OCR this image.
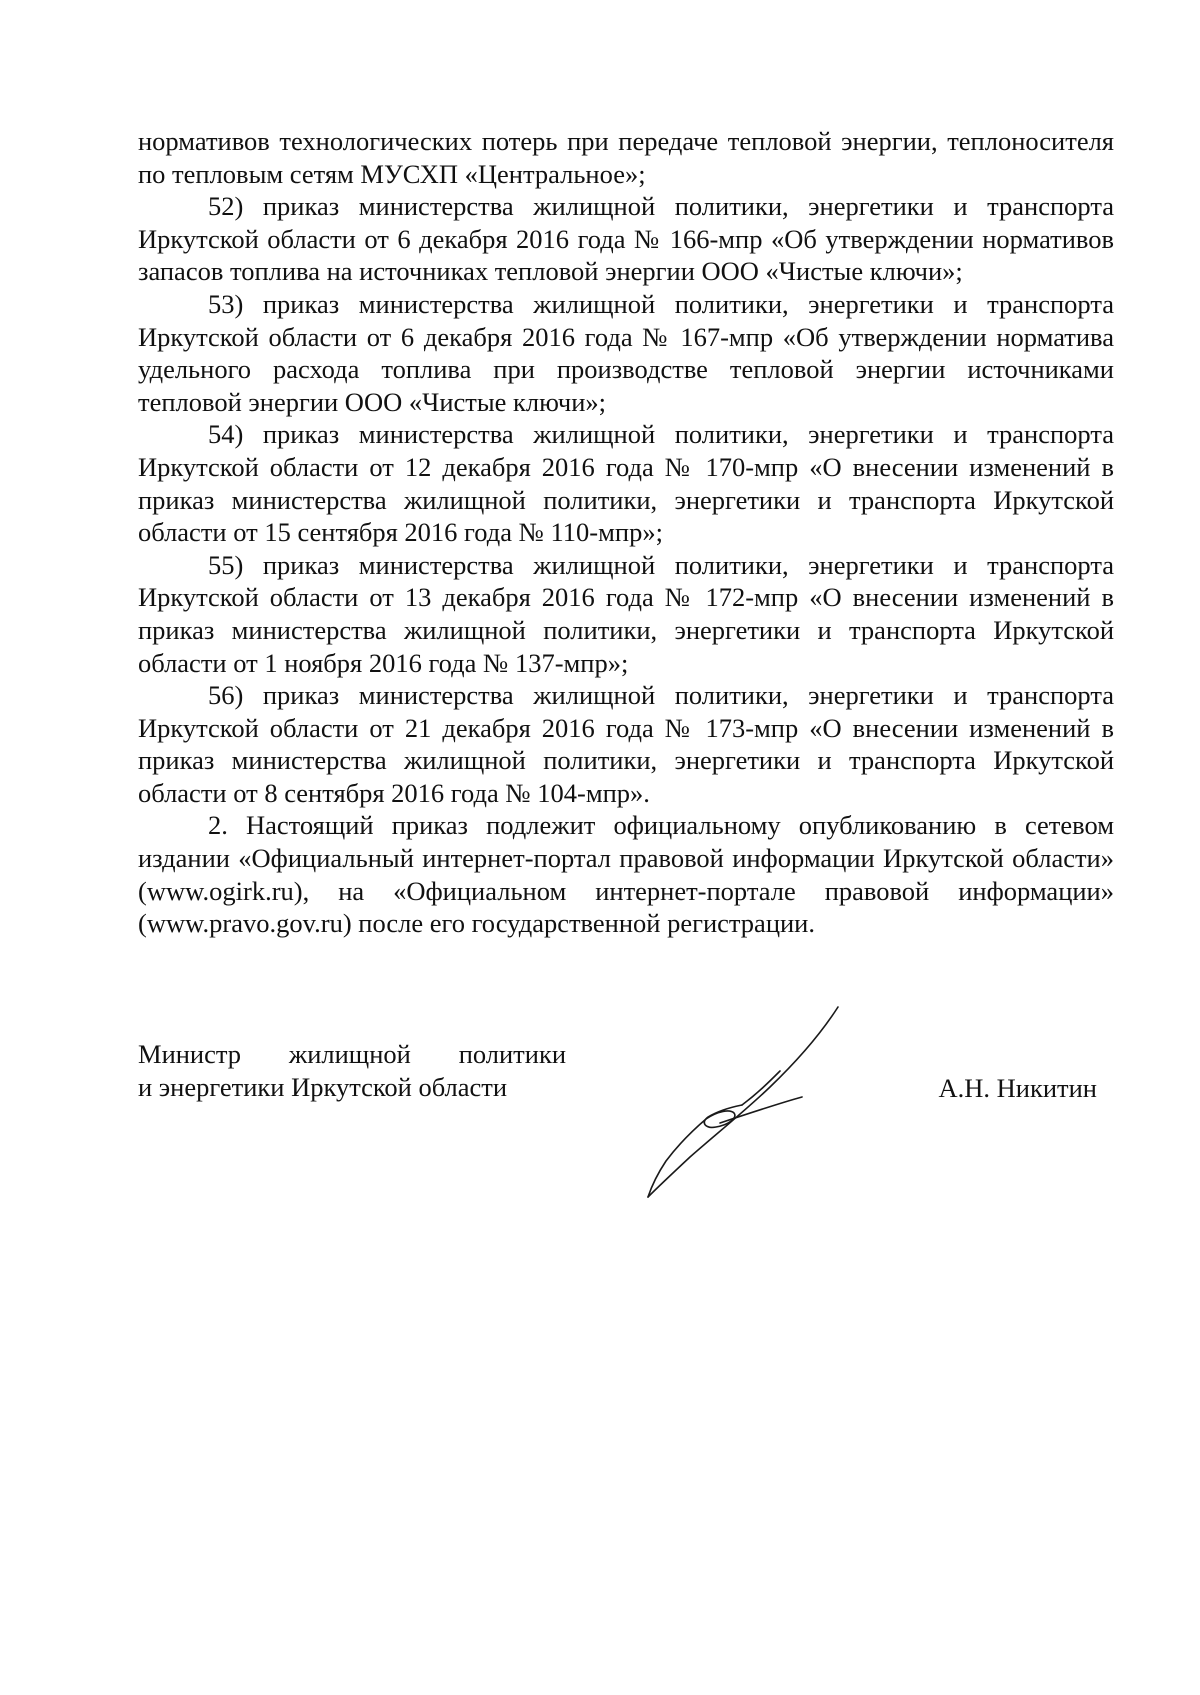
нормативов технологических потерь при передаче тепловой энергии, теплоносителя по тепловым сетям МУСХП «Центральное»;

52) приказ министерства жилищной политики, энергетики и транспорта Иркутской области от 6 декабря 2016 года № 166-мпр «Об утверждении нормативов запасов топлива на источниках тепловой энергии ООО «Чистые ключи»;

53) приказ министерства жилищной политики, энергетики и транспорта Иркутской области от 6 декабря 2016 года № 167-мпр «Об утверждении норматива удельного расхода топлива при производстве тепловой энергии источниками тепловой энергии ООО «Чистые ключи»;

54) приказ министерства жилищной политики, энергетики и транспорта Иркутской области от 12 декабря 2016 года № 170-мпр «О внесении изменений в приказ министерства жилищной политики, энергетики и транспорта Иркутской области от 15 сентября 2016 года № 110-мпр»;

55) приказ министерства жилищной политики, энергетики и транспорта Иркутской области от 13 декабря 2016 года № 172-мпр «О внесении изменений в приказ министерства жилищной политики, энергетики и транспорта Иркутской области от 1 ноября 2016 года № 137-мпр»;

56) приказ министерства жилищной политики, энергетики и транспорта Иркутской области от 21 декабря 2016 года № 173-мпр «О внесении изменений в приказ министерства жилищной политики, энергетики и транспорта Иркутской области от 8 сентября 2016 года № 104-мпр».

2. Настоящий приказ подлежит официальному опубликованию в сетевом издании «Официальный интернет-портал правовой информации Иркутской области» (www.ogirk.ru), на «Официальном интернет-портале правовой информации» (www.pravo.gov.ru) после его государственной регистрации.

Министр жилищной политики
и энергетики Иркутской области	А.Н. Никитин
